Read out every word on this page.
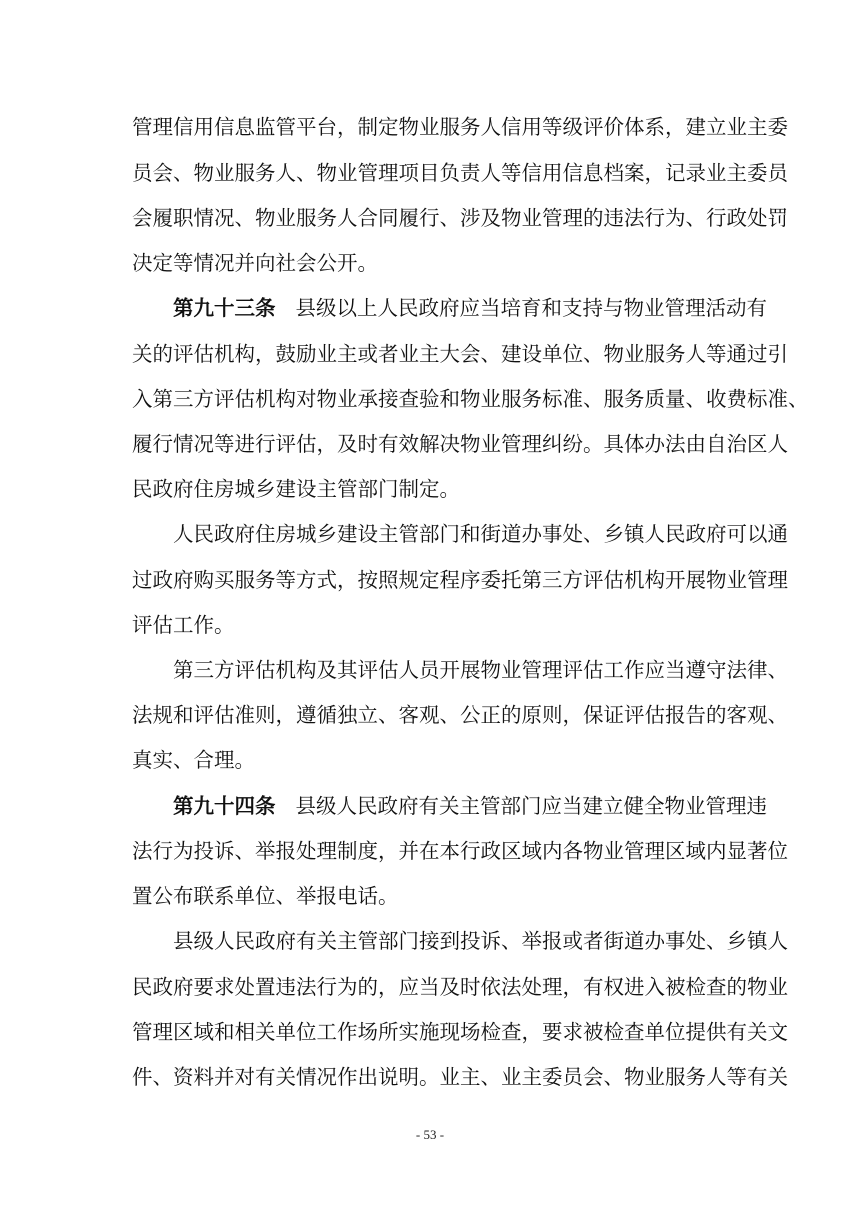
管理信用信息监管平台，制定物业服务人信用等级评价体系，建立业主委
员会、物业服务人、物业管理项目负责人等信用信息档案，记录业主委员
会履职情况、物业服务人合同履行、涉及物业管理的违法行为、行政处罚
决定等情况并向社会公开。
第九十三条 县级以上人民政府应当培育和支持与物业管理活动有
关的评估机构，鼓励业主或者业主大会、建设单位、物业服务人等通过引
入第三方评估机构对物业承接查验和物业服务标准、服务质量、收费标准、
履行情况等进行评估，及时有效解决物业管理纠纷。具体办法由自治区人
民政府住房城乡建设主管部门制定。
人民政府住房城乡建设主管部门和街道办事处、乡镇人民政府可以通
过政府购买服务等方式，按照规定程序委托第三方评估机构开展物业管理
评估工作。
第三方评估机构及其评估人员开展物业管理评估工作应当遵守法律、
法规和评估准则，遵循独立、客观、公正的原则，保证评估报告的客观、
真实、合理。
第九十四条 县级人民政府有关主管部门应当建立健全物业管理违
法行为投诉、举报处理制度，并在本行政区域内各物业管理区域内显著位
置公布联系单位、举报电话。
县级人民政府有关主管部门接到投诉、举报或者街道办事处、乡镇人
民政府要求处置违法行为的，应当及时依法处理，有权进入被检查的物业
管理区域和相关单位工作场所实施现场检查，要求被检查单位提供有关文
件、资料并对有关情况作出说明。业主、业主委员会、物业服务人等有关
- 53 -
